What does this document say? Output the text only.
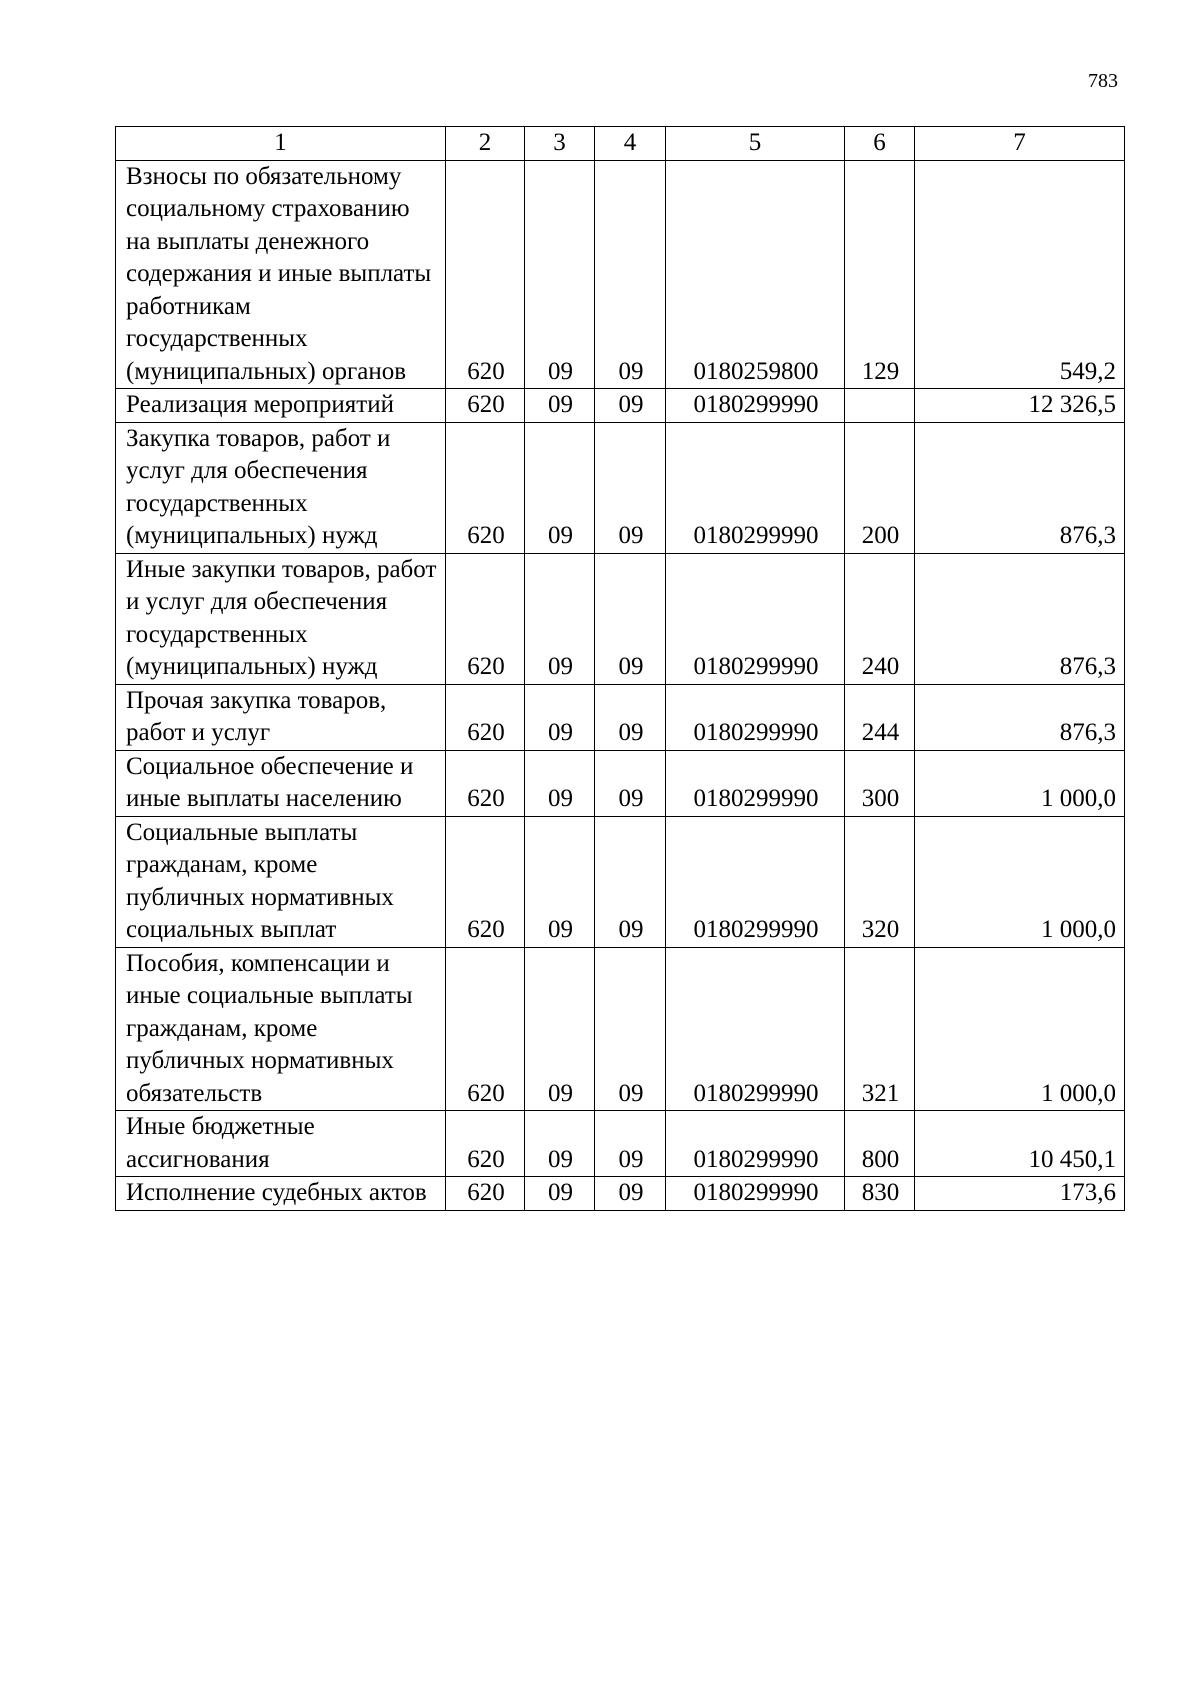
783
1	2	3	4	5	6	7
Взносы по обязательному социальному страхованию на выплаты денежного содержания и иные выплаты работникам государственных (муниципальных) органов	620	09	09	0180259800	129	549,2
Реализация мероприятий	620	09	09	0180299990		12 326,5
Закупка товаров, работ и услуг для обеспечения государственных (муниципальных) нужд	620	09	09	0180299990	200	876,3
Иные закупки товаров, работ и услуг для обеспечения государственных (муниципальных) нужд	620	09	09	0180299990	240	876,3
Прочая закупка товаров, работ и услуг	620	09	09	0180299990	244	876,3
Социальное обеспечение и иные выплаты населению	620	09	09	0180299990	300	1 000,0
Социальные выплаты гражданам, кроме публичных нормативных социальных выплат	620	09	09	0180299990	320	1 000,0
Пособия, компенсации и иные социальные выплаты гражданам, кроме публичных нормативных обязательств	620	09	09	0180299990	321	1 000,0
Иные бюджетные ассигнования	620	09	09	0180299990	800	10 450,1
Исполнение судебных актов	620	09	09	0180299990	830	173,6
